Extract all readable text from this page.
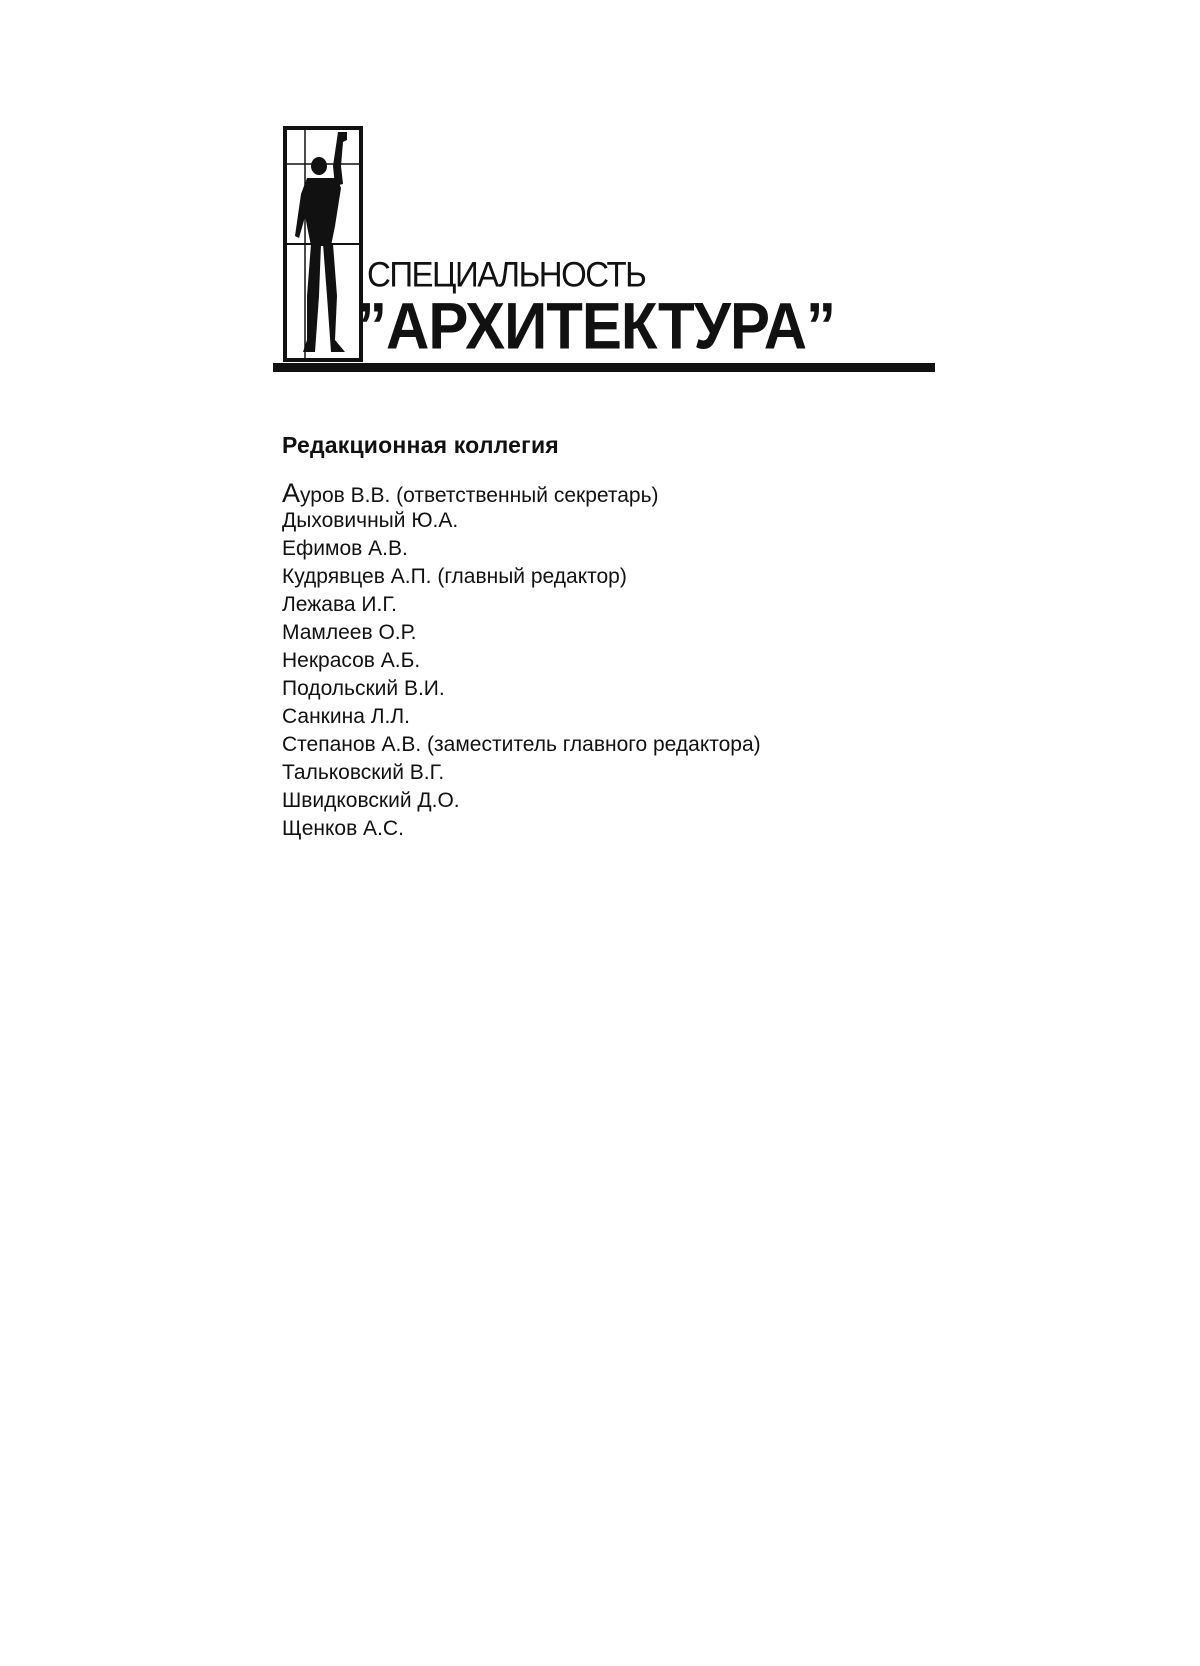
СПЕЦИАЛЬНОСТЬ
”АРХИТЕКТУРА”
Редакционная коллегия
Ауров В.В. (ответственный секретарь)
Дыховичный Ю.А.
Ефимов А.В.
Кудрявцев А.П. (главный редактор)
Лежава И.Г.
Мамлеев О.Р.
Некрасов А.Б.
Подольский В.И.
Санкина Л.Л.
Степанов А.В. (заместитель главного редактора)
Тальковский В.Г.
Швидковский Д.О.
Щенков А.С.
